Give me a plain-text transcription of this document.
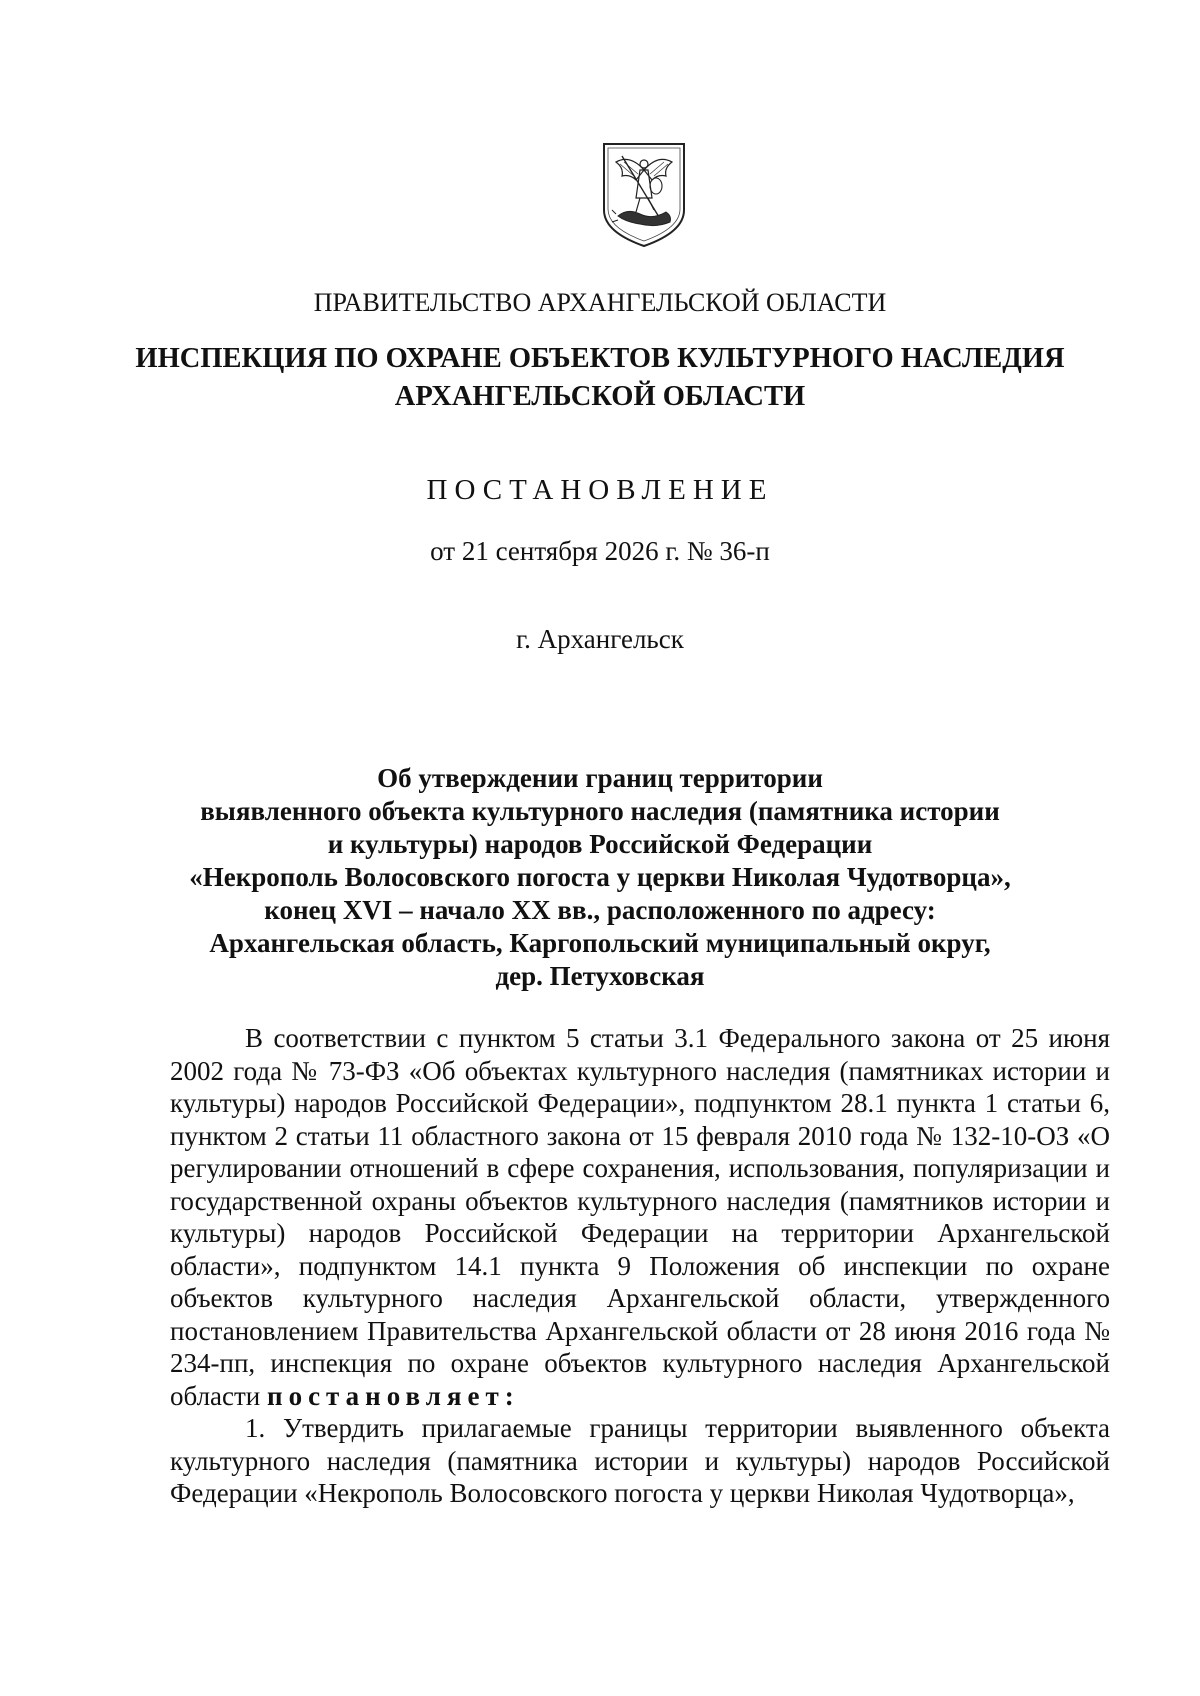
ПРАВИТЕЛЬСТВО АРХАНГЕЛЬСКОЙ ОБЛАСТИ
ИНСПЕКЦИЯ ПО ОХРАНЕ ОБЪЕКТОВ КУЛЬТУРНОГО НАСЛЕДИЯ
АРХАНГЕЛЬСКОЙ ОБЛАСТИ
ПОСТАНОВЛЕНИЕ
от 21 сентября 2026 г. № 36-п
г. Архангельск
Об утверждении границ территории
выявленного объекта культурного наследия (памятника истории
и культуры) народов Российской Федерации
«Некрополь Волосовского погоста у церкви Николая Чудотворца»,
конец XVI – начало XX вв., расположенного по адресу:
Архангельская область, Каргопольский муниципальный округ,
дер. Петуховская

В соответствии с пунктом 5 статьи 3.1 Федерального закона от 25 июня 2002 года № 73-ФЗ «Об объектах культурного наследия (памятниках истории и культуры) народов Российской Федерации», подпунктом 28.1 пункта 1 статьи 6, пунктом 2 статьи 11 областного закона от 15 февраля 2010 года № 132-10-ОЗ «О регулировании отношений в сфере сохранения, использования, популяризации и государственной охраны объектов культурного наследия (памятников истории и культуры) народов Российской Федерации на территории Архангельской области», подпунктом 14.1 пункта 9 Положения об инспекции по охране объектов культурного наследия Архангельской области, утвержденного постановлением Правительства Архангельской области от 28 июня 2016 года № 234-пп, инспекция по охране объектов культурного наследия Архангельской области постановляет:

1. Утвердить прилагаемые границы территории выявленного объекта культурного наследия (памятника истории и культуры) народов Российской Федерации «Некрополь Волосовского погоста у церкви Николая Чудотворца»,
